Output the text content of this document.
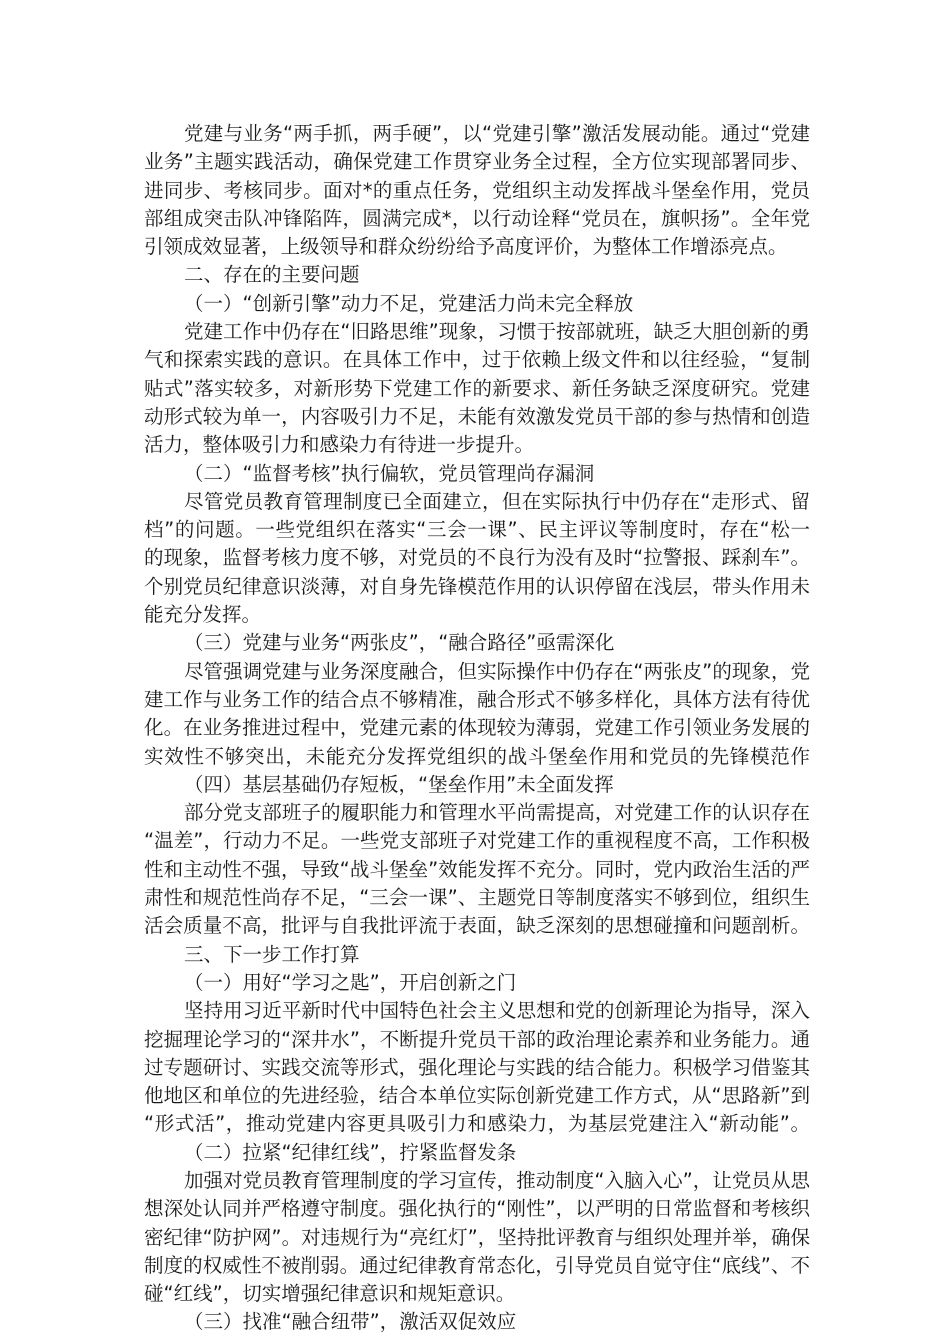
党建与业务“两手抓，两手硬”，以“党建引擎”激活发展动能。通过“党建

业务”主题实践活动，确保党建工作贯穿业务全过程，全方位实现部署同步、

进同步、考核同步。面对*的重点任务，党组织主动发挥战斗堡垒作用，党员

部组成突击队冲锋陷阵，圆满完成*，以行动诠释“党员在，旗帜扬”。全年党

引领成效显著，上级领导和群众纷纷给予高度评价，为整体工作增添亮点。

二、存在的主要问题

（一）“创新引擎”动力不足，党建活力尚未完全释放

党建工作中仍存在“旧路思维”现象，习惯于按部就班，缺乏大胆创新的勇

气和探索实践的意识。在具体工作中，过于依赖上级文件和以往经验，“复制

贴式”落实较多，对新形势下党建工作的新要求、新任务缺乏深度研究。党建

动形式较为单一，内容吸引力不足，未能有效激发党员干部的参与热情和创造

活力，整体吸引力和感染力有待进一步提升。

（二）“监督考核”执行偏软，党员管理尚存漏洞

尽管党员教育管理制度已全面建立，但在实际执行中仍存在“走形式、留

档”的问题。一些党组织在落实“三会一课”、民主评议等制度时，存在“松一

的现象，监督考核力度不够，对党员的不良行为没有及时“拉警报、踩刹车”。

个别党员纪律意识淡薄，对自身先锋模范作用的认识停留在浅层，带头作用未

能充分发挥。

（三）党建与业务“两张皮”，“融合路径”亟需深化

尽管强调党建与业务深度融合，但实际操作中仍存在“两张皮”的现象，党

建工作与业务工作的结合点不够精准，融合形式不够多样化，具体方法有待优

化。在业务推进过程中，党建元素的体现较为薄弱，党建工作引领业务发展的

实效性不够突出，未能充分发挥党组织的战斗堡垒作用和党员的先锋模范作

（四）基层基础仍存短板，“堡垒作用”未全面发挥

部分党支部班子的履职能力和管理水平尚需提高，对党建工作的认识存在

“温差”，行动力不足。一些党支部班子对党建工作的重视程度不高，工作积极

性和主动性不强，导致“战斗堡垒”效能发挥不充分。同时，党内政治生活的严

肃性和规范性尚存不足，“三会一课”、主题党日等制度落实不够到位，组织生

活会质量不高，批评与自我批评流于表面，缺乏深刻的思想碰撞和问题剖析。

三、下一步工作打算

（一）用好“学习之匙”，开启创新之门

坚持用习近平新时代中国特色社会主义思想和党的创新理论为指导，深入

挖掘理论学习的“深井水”，不断提升党员干部的政治理论素养和业务能力。通

过专题研讨、实践交流等形式，强化理论与实践的结合能力。积极学习借鉴其

他地区和单位的先进经验，结合本单位实际创新党建工作方式，从“思路新”到

“形式活”，推动党建内容更具吸引力和感染力，为基层党建注入“新动能”。

（二）拉紧“纪律红线”，拧紧监督发条

加强对党员教育管理制度的学习宣传，推动制度“入脑入心”，让党员从思

想深处认同并严格遵守制度。强化执行的“刚性”，以严明的日常监督和考核织

密纪律“防护网”。对违规行为“亮红灯”，坚持批评教育与组织处理并举，确保

制度的权威性不被削弱。通过纪律教育常态化，引导党员自觉守住“底线”、不

碰“红线”，切实增强纪律意识和规矩意识。

（三）找准“融合纽带”，激活双促效应
